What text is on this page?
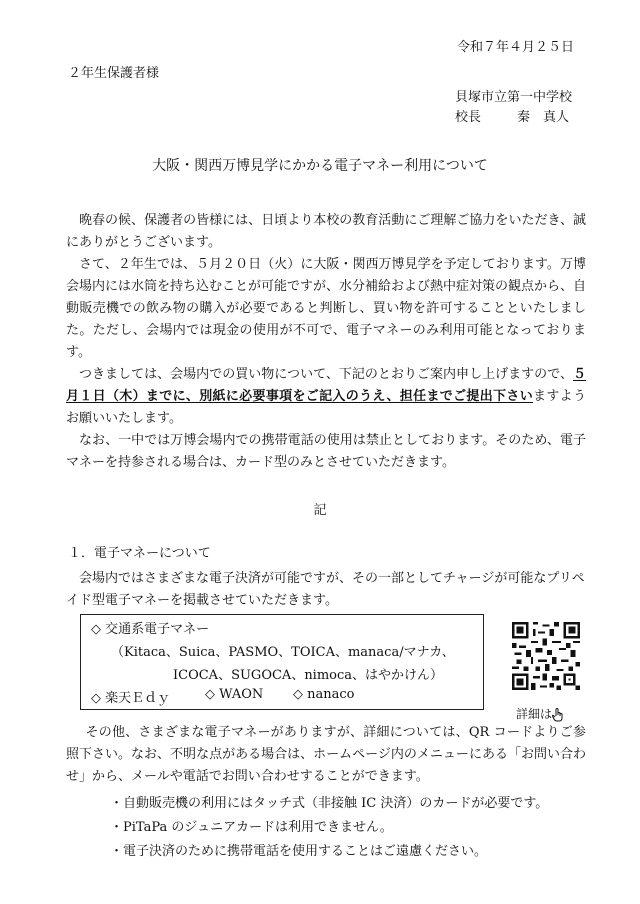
令和７年４月２５日
２年生保護者様
貝塚市立第一中学校
校長	秦　真人
大阪・関西万博見学にかかる電子マネー利用について

晩春の候、保護者の皆様には、日頃より本校の教育活動にご理解ご協力をいただき、誠にありがとうございます。

さて、２年生では、５月２０日（火）に大阪・関西万博見学を予定しております。万博会場内には水筒を持ち込むことが可能ですが、水分補給および熱中症対策の観点から、自動販売機での飲み物の購入が必要であると判断し、買い物を許可することといたしました。ただし、会場内では現金の使用が不可で、電子マネーのみ利用可能となっております。

つきましては、会場内での買い物について、下記のとおりご案内申し上げますので、５月１日（木）までに、別紙に必要事項をご記入のうえ、担任までご提出下さいますようお願いいたします。

なお、一中では万博会場内での携帯電話の使用は禁止としております。そのため、電子マネーを持参される場合は、カード型のみとさせていただきます。

記
１．電子マネーについて

会場内ではさまざまな電子決済が可能ですが、その一部としてチャージが可能なプリペイド型電子マネーを掲載させていただきます。

◇ 交通系電子マネー
（Kitaca、Suica、PASMO、TOICA、manaca/マナカ、
ICOCA、SUGOCA、nimoca、はやかけん）
◇ 楽天Ｅｄｙ	◇ WAON ◇ nanaco
詳細は

その他、さまざまな電子マネーがありますが、詳細については、QR コードよりご参照下さい。なお、不明な点がある場合は、ホームページ内のメニューにある「お問い合わせ」から、メールや電話でお問い合わせすることができます。

・自動販売機の利用にはタッチ式（非接触 IC 決済）のカードが必要です。
・PiTaPa のジュニアカードは利用できません。
・電子決済のために携帯電話を使用することはご遠慮ください。
